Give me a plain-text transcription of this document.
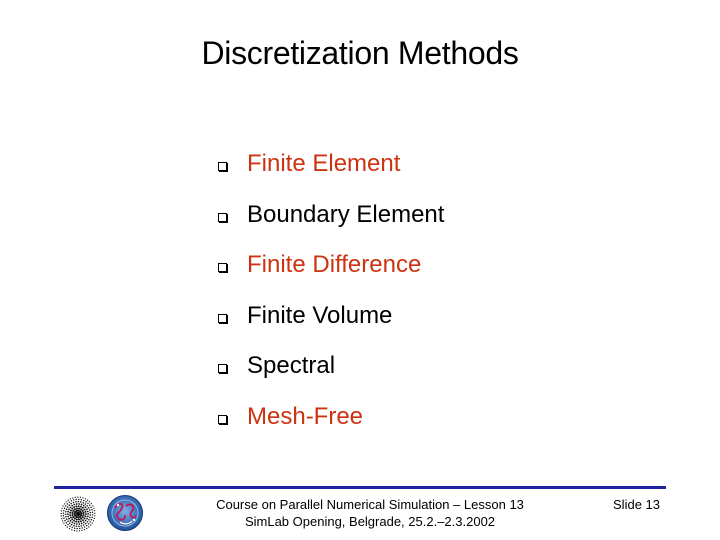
Discretization Methods
Finite Element
Boundary Element
Finite Difference
Finite Volume
Spectral
Mesh-Free
Course on Parallel Numerical Simulation – Lesson 13
SimLab Opening, Belgrade, 25.2.–2.3.2002
Slide 13
